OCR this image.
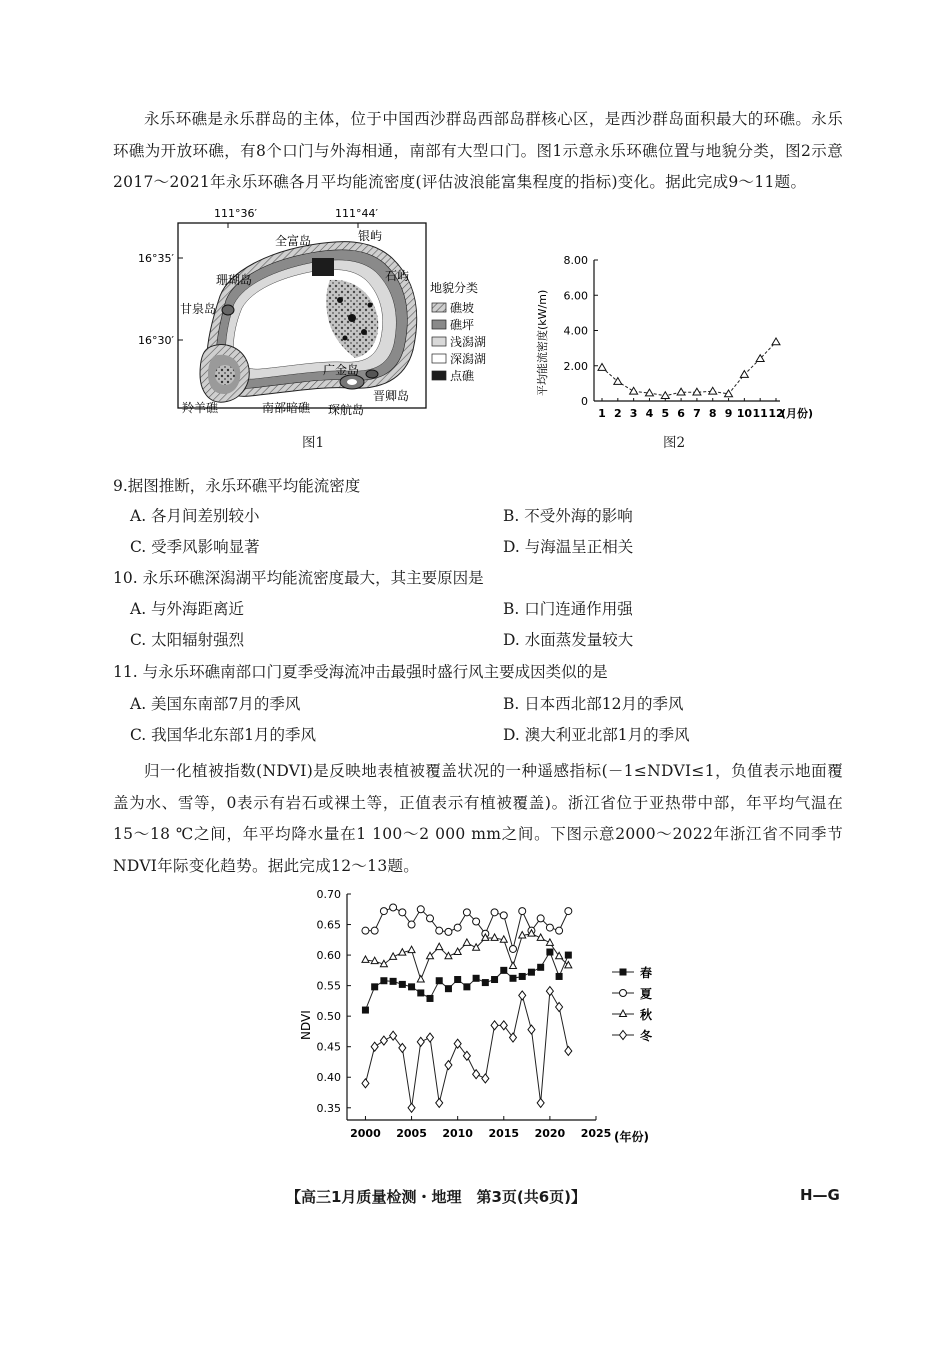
永乐环礁是永乐群岛的主体，位于中国西沙群岛西部岛群核心区，是西沙群岛面积最大的环礁。永乐环礁为开放环礁，有8个口门与外海相通，南部有大型口门。图1示意永乐环礁位置与地貌分类，图2示意2017～2021年永乐环礁各月平均能流密度(评估波浪能富集程度的指标)变化。据此完成9～11题。
111°36′	111°44′
16°35′
16°30′
全富岛	银屿
珊瑚岛	石屿
甘泉岛
广金岛
晋卿岛
羚羊礁	南部暗礁 琛航岛
地貌分类
礁坡
礁坪
浅潟湖
深潟湖
点礁
图1
平均能流密度(kW/m)
0
2.00
4.00
6.00
8.00
1 2 3 4 5 6 7 8 9 10 11 12
(月份)
图2
9.据图推断，永乐环礁平均能流密度
A. 各月间差别较小	B. 不受外海的影响
C. 受季风影响显著	D. 与海温呈正相关
10. 永乐环礁深潟湖平均能流密度最大，其主要原因是
A. 与外海距离近	B. 口门连通作用强
C. 太阳辐射强烈	D. 水面蒸发量较大
11. 与永乐环礁南部口门夏季受海流冲击最强时盛行风主要成因类似的是
A. 美国东南部7月的季风	B. 日本西北部12月的季风
C. 我国华北东部1月的季风	D. 澳大利亚北部1月的季风
归一化植被指数(NDVI)是反映地表植被覆盖状况的一种遥感指标(－1≤NDVI≤1，负值表示地面覆盖为水、雪等，0表示有岩石或裸土等，正值表示有植被覆盖)。浙江省位于亚热带中部，年平均气温在15～18 ℃之间，年平均降水量在1 100～2 000 mm之间。下图示意2000～2022年浙江省不同季节NDVI年际变化趋势。据此完成12～13题。
NDVI
0.35
0.40
0.45
0.50
0.55
0.60
0.65
0.70
2000 2005 2010 2015 2020 2025 (年份)
春
夏
秋
冬
【高三1月质量检测・地理　第3页(共6页)】	H—G
